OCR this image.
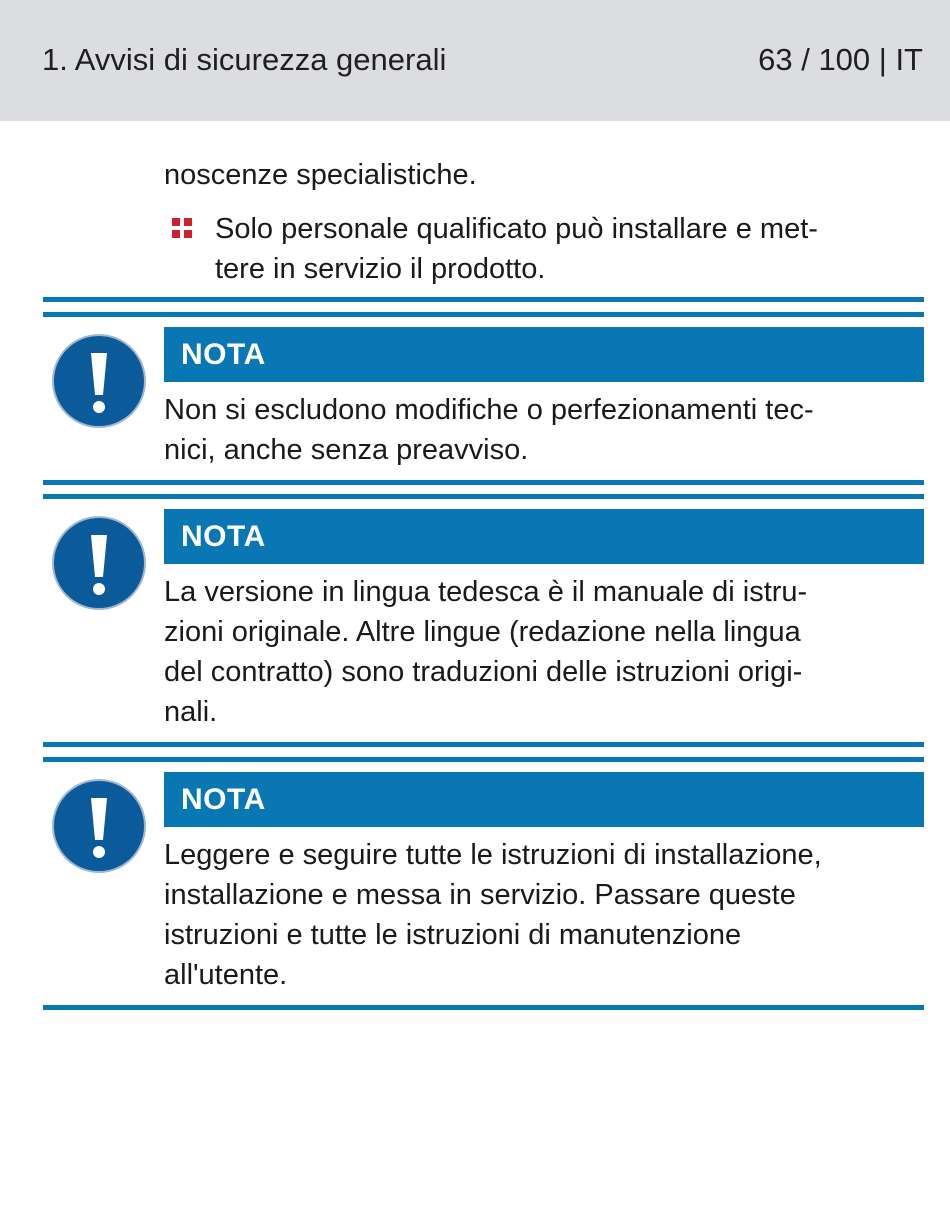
1. Avvisi di sicurezza generali	63 / 100 | IT
noscenze specialistiche.
Solo personale qualificato può installare e met-
tere in servizio il prodotto.
NOTA
Non si escludono modifiche o perfezionamenti tec-
nici, anche senza preavviso.
NOTA
La versione in lingua tedesca è il manuale di istru-
zioni originale. Altre lingue (redazione nella lingua
del contratto) sono traduzioni delle istruzioni origi-
nali.
NOTA
Leggere e seguire tutte le istruzioni di installazione,
installazione e messa in servizio. Passare queste
istruzioni e tutte le istruzioni di manutenzione
all'utente.
